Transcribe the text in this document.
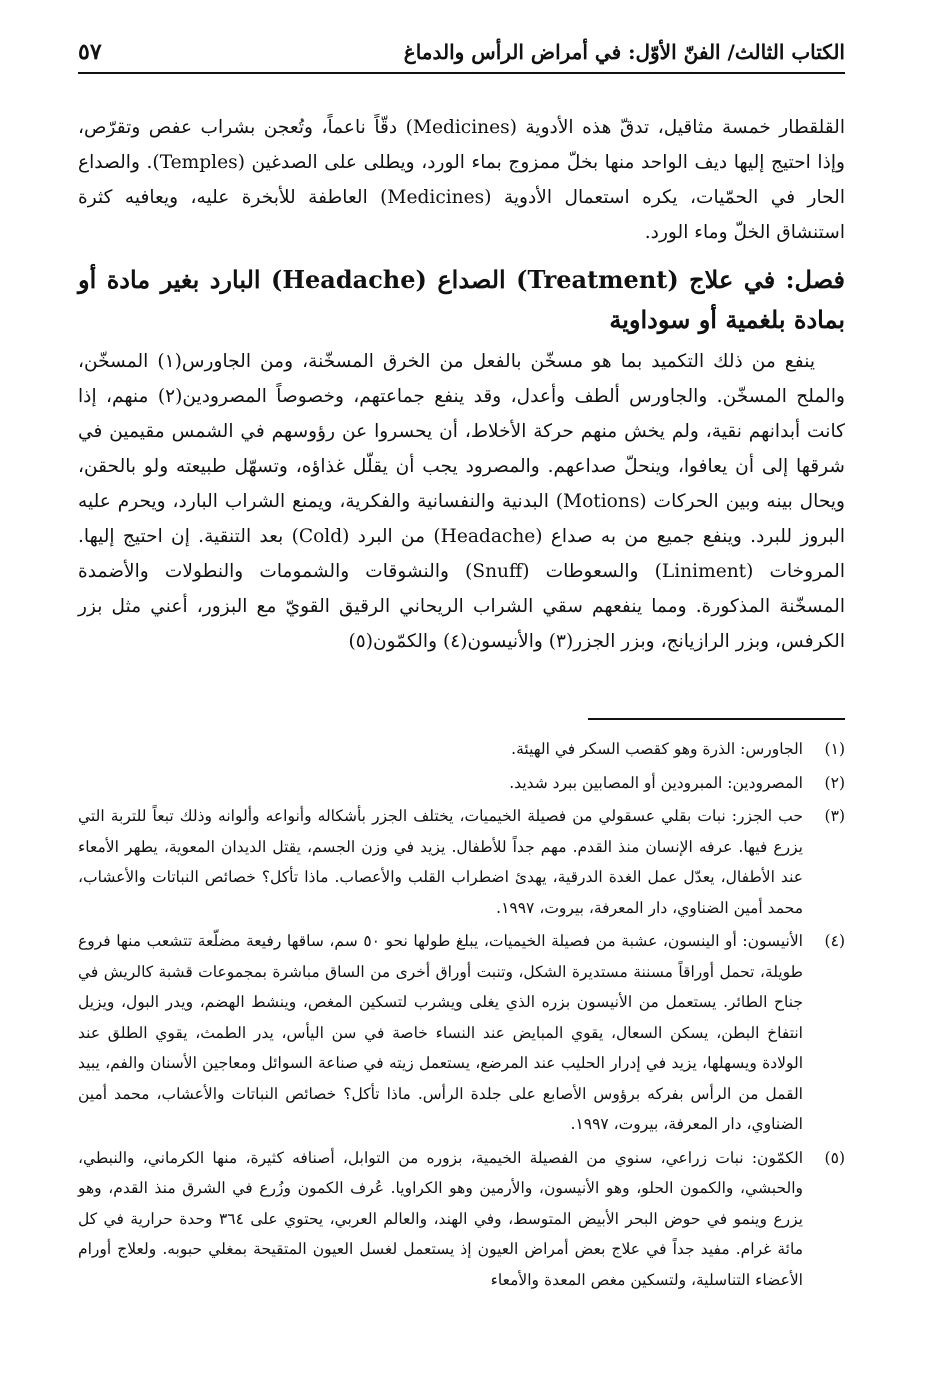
الكتاب الثالث/ الفنّ الأوّل: في أمراض الرأس والدماغ
٥٧

القلقطار خمسة مثاقيل، تدقّ هذه الأدوية (Medicines) دقّاً ناعماً، وتُعجن بشراب عفص وتقرّص، وإذا احتيج إليها ديف الواحد منها بخلّ ممزوج بماء الورد، ويطلى على الصدغين (Temples). والصداع الحار في الحمّيات، يكره استعمال الأدوية (Medicines) العاطفة للأبخرة عليه، ويعافيه كثرة استنشاق الخلّ وماء الورد.

فصل: في علاج (Treatment) الصداع (Headache) البارد بغير مادة أو بمادة بلغمية أو سوداوية

ينفع من ذلك التكميد بما هو مسخّن بالفعل من الخرق المسخّنة، ومن الجاورس(١) المسخّن، والملح المسخّن. والجاورس ألطف وأعدل، وقد ينفع جماعتهم، وخصوصاً المصرودين(٢) منهم، إذا كانت أبدانهم نقية، ولم يخش منهم حركة الأخلاط، أن يحسروا عن رؤوسهم في الشمس مقيمين في شرقها إلى أن يعافوا، وينحلّ صداعهم. والمصرود يجب أن يقلّل غذاؤه، وتسهّل طبيعته ولو بالحقن، ويحال بينه وبين الحركات (Motions) البدنية والنفسانية والفكرية، ويمنع الشراب البارد، ويحرم عليه البروز للبرد. وينفع جميع من به صداع (Headache) من البرد (Cold) بعد التنقية. إن احتيج إليها. المروخات (Liniment) والسعوطات (Snuff) والنشوقات والشمومات والنطولات والأضمدة المسخّنة المذكورة. ومما ينفعهم سقي الشراب الريحاني الرقيق القويّ مع البزور، أعني مثل بزر الكرفس، وبزر الرازيانج، وبزر الجزر(٣) والأنيسون(٤) والكمّون(٥)

(١)
الجاورس: الذرة وهو كقصب السكر في الهيئة.
(٢)
المصرودين: المبرودين أو المصابين ببرد شديد.
(٣)
حب الجزر: نبات بقلي عسقولي من فصيلة الخيميات، يختلف الجزر بأشكاله وأنواعه وألوانه وذلك تبعاً للتربة التي يزرع فيها. عرفه الإنسان منذ القدم. مهم جداً للأطفال. يزيد في وزن الجسم، يقتل الديدان المعوية، يطهر الأمعاء عند الأطفال، يعدّل عمل الغدة الدرقية، يهدئ اضطراب القلب والأعصاب. ماذا تأكل؟ خصائص النباتات والأعشاب، محمد أمين الضناوي، دار المعرفة، بيروت، ١٩٩٧.
(٤)
الأنيسون: أو الينسون، عشبة من فصيلة الخيميات، يبلغ طولها نحو ٥٠ سم، ساقها رفيعة مضلّعة تتشعب منها فروع طويلة، تحمل أوراقاً مسننة مستديرة الشكل، وتنبت أوراق أخرى من الساق مباشرة بمجموعات قشبة كالريش في جناح الطائر. يستعمل من الأنيسون بزره الذي يغلى ويشرب لتسكين المغص، وينشط الهضم، ويدر البول، ويزيل انتفاخ البطن، يسكن السعال، يقوي المبايض عند النساء خاصة في سن اليأس، يدر الطمث، يقوي الطلق عند الولادة ويسهلها، يزيد في إدرار الحليب عند المرضع، يستعمل زيته في صناعة السوائل ومعاجين الأسنان والفم، يبيد القمل من الرأس بفركه برؤوس الأصابع على جلدة الرأس. ماذا تأكل؟ خصائص النباتات والأعشاب، محمد أمين الضناوي، دار المعرفة، بيروت، ١٩٩٧.
(٥)
الكمّون: نبات زراعي، سنوي من الفصيلة الخيمية، بزوره من التوابل، أصنافه كثيرة، منها الكرماني، والنبطي، والحبشي، والكمون الحلو، وهو الأنيسون، والأرمين وهو الكراويا. عُرف الكمون وزُرع في الشرق منذ القدم، وهو يزرع وينمو في حوض البحر الأبيض المتوسط، وفي الهند، والعالم العربي، يحتوي على ٣٦٤ وحدة حرارية في كل مائة غرام. مفيد جداً في علاج بعض أمراض العيون إذ يستعمل لغسل العيون المتقيحة بمغلي حبوبه. ولعلاج أورام الأعضاء التناسلية، ولتسكين مغص المعدة والأمعاء
